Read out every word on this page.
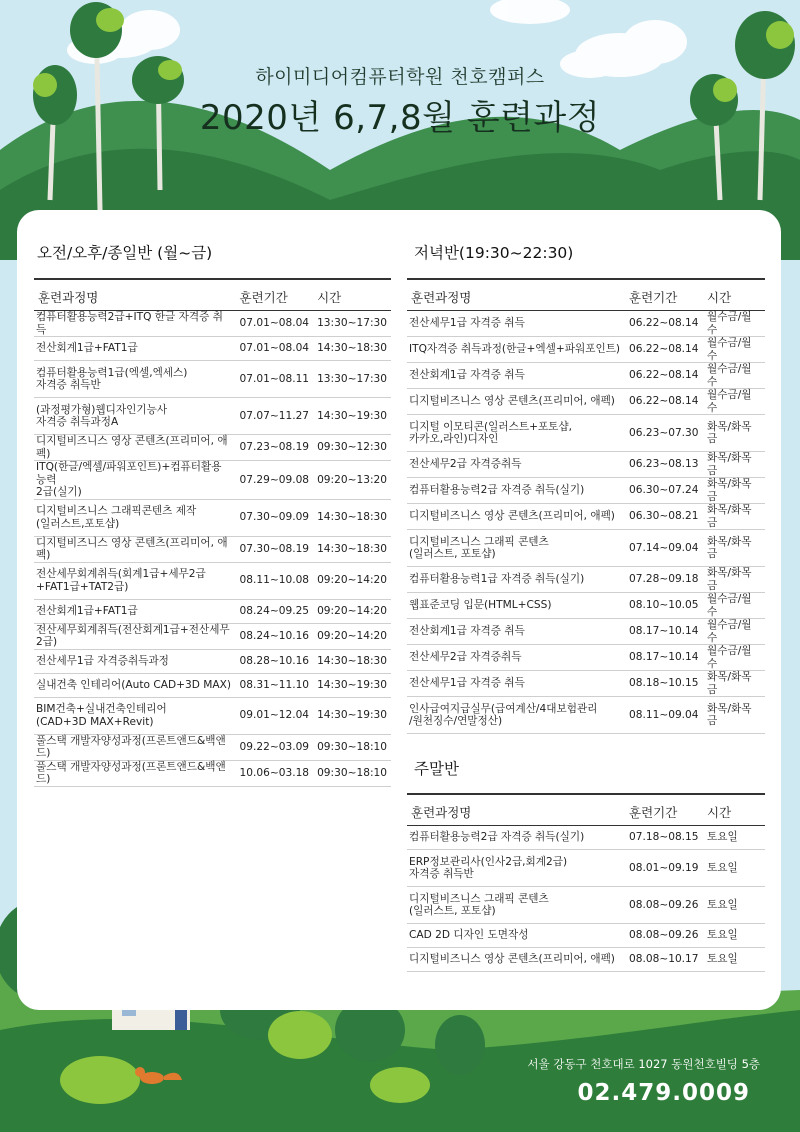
하이미디어컴퓨터학원 천호캠퍼스
2020년 6,7,8월 훈련과정
오전/오후/종일반 (월~금)
훈련과정명	훈련기간	시간
컴퓨터활용능력2급+ITQ 한글 자격증 취득	07.01~08.04	13:30~17:30
전산회계1급+FAT1급	07.01~08.04	14:30~18:30
컴퓨터활용능력1급(엑셀,엑세스)
자격증 취득반	07.01~08.11	13:30~17:30
(과정평가형)웹디자인기능사
자격증 취득과정A	07.07~11.27	14:30~19:30
디지털비즈니스 영상 콘텐츠(프리미어, 애펙)	07.23~08.19	09:30~12:30
ITQ(한글/엑셀/파워포인트)+컴퓨터활용능력
2급(실기)	07.29~09.08	09:20~13:20
디지털비즈니스 그래픽콘텐츠 제작
(일러스트,포토샵)	07.30~09.09	14:30~18:30
디지털비즈니스 영상 콘텐츠(프리미어, 애펙)	07.30~08.19	14:30~18:30
전산세무회계취득(회계1급+세무2급
+FAT1급+TAT2급)	08.11~10.08	09:20~14:20
전산회계1급+FAT1급	08.24~09.25	09:20~14:20
전산세무회계취득(전산회계1급+전산세무2급)	08.24~10.16	09:20~14:20
전산세무1급 자격증취득과정	08.28~10.16	14:30~18:30
실내건축 인테리어(Auto CAD+3D MAX)	08.31~11.10	14:30~19:30
BIM건축+실내건축인테리어
(CAD+3D MAX+Revit)	09.01~12.04	14:30~19:30
풀스택 개발자양성과정(프론트앤드&백앤드)	09.22~03.09	09:30~18:10
풀스택 개발자양성과정(프론트앤드&백앤드)	10.06~03.18	09:30~18:10
저녁반(19:30~22:30)
훈련과정명	훈련기간	시간
전산세무1급 자격증 취득	06.22~08.14	월수금/월수
ITQ자격증 취득과정(한글+엑셀+파워포인트)	06.22~08.14	월수금/월수
전산회계1급 자격증 취득	06.22~08.14	월수금/월수
디지털비즈니스 영상 콘텐츠(프리미어, 애펙)	06.22~08.14	월수금/월수
디지털 이모티콘(일러스트+포토샵,
카카오,라인)디자인	06.23~07.30	화목/화목금
전산세무2급 자격증취득	06.23~08.13	화목/화목금
컴퓨터활용능력2급 자격증 취득(실기)	06.30~07.24	화목/화목금
디지털비즈니스 영상 콘텐츠(프리미어, 애펙)	06.30~08.21	화목/화목금
디지털비즈니스 그래픽 콘텐츠
(일러스트, 포토샵)	07.14~09.04	화목/화목금
컴퓨터활용능력1급 자격증 취득(실기)	07.28~09.18	화목/화목금
웹표준코딩 입문(HTML+CSS)	08.10~10.05	월수금/월수
전산회계1급 자격증 취득	08.17~10.14	월수금/월수
전산세무2급 자격증취득	08.17~10.14	월수금/월수
전산세무1급 자격증 취득	08.18~10.15	화목/화목금
인사급여지급실무(급여계산/4대보험관리
/원천징수/연말정산)	08.11~09.04	화목/화목금
주말반
훈련과정명	훈련기간	시간
컴퓨터활용능력2급 자격증 취득(실기)	07.18~08.15	토요일
ERP정보관리사(인사2급,회계2급)
자격증 취득반	08.01~09.19	토요일
디지털비즈니스 그래픽 콘텐츠
(일러스트, 포토샵)	08.08~09.26	토요일
CAD 2D 디자인 도면작성	08.08~09.26	토요일
디지털비즈니스 영상 콘텐츠(프리미어, 애펙)	08.08~10.17	토요일
서울 강동구 천호대로 1027 동원천호빌딩 5층
02.479.0009
